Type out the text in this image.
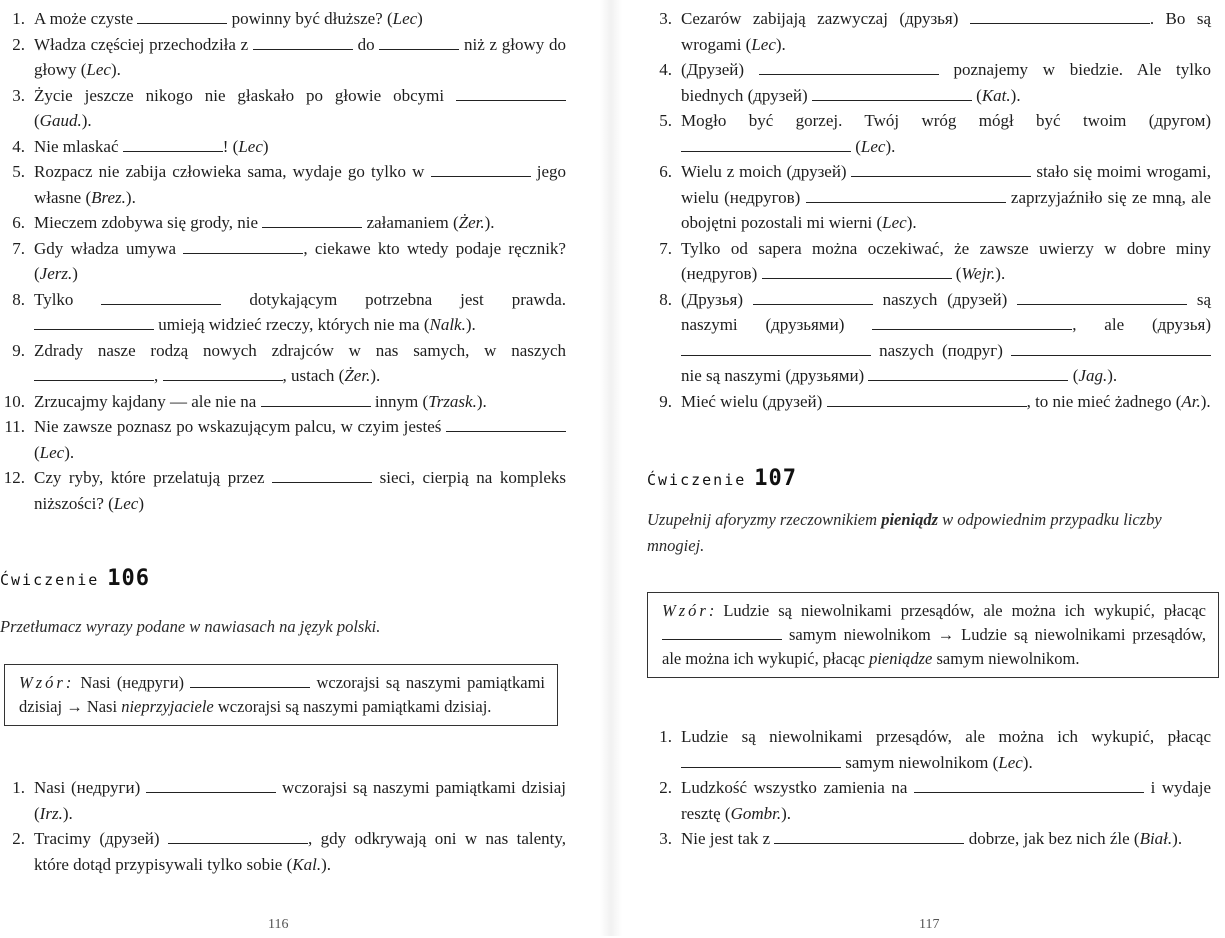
1. A może czyste	powinny być dłuższe? (Lec)
2. Władza częściej przechodziła z	do	niż z głowy do głowy (Lec).
3. Życie jeszcze nikogo nie głaskało po głowie obcymi  (Gaud.).
4. Nie mlaskać	! (Lec)
5. Rozpacz nie zabija człowieka sama, wydaje go tylko w	jego własne (Brez.).
6. Mieczem zdobywa się grody, nie	załamaniem (Żer.).
7. Gdy władza umywa	, ciekawe kto wtedy podaje ręcznik? (Jerz.)
8. Tylko	dotykającym potrzebna jest prawda.  umieją widzieć rzeczy, których nie ma (Nalk.).
9. Zdrady nasze rodzą nowych zdrajców w nas samych, w naszych ,	, ustach (Żer.).
10. Zrzucajmy kajdany — ale nie na	innym (Trzask.).
11. Nie zawsze poznasz po wskazującym palcu, w czyim jesteś  (Lec).
12. Czy ryby, które przelatują przez	sieci, cierpią na kompleks niższości? (Lec)
Ćwiczenie 106
Przetłumacz wyrazy podane w nawiasach na język polski.
Wzór: Nasi (недруги)	wczorajsi są naszymi pamiątkami dzisiaj → Nasi nieprzyjaciele wczorajsi są naszymi pamiątkami dzisiaj.
1. Nasi (недруги)	wczorajsi są naszymi pamiątkami dzisiaj (Irz.).
2. Tracimy (друзей)	, gdy odkrywają oni w nas talenty, które dotąd przypisywali tylko sobie (Kal.).
116
3. Cezarów zabijają zazwyczaj (друзья)	. Bo są wrogami (Lec).
4. (Друзей)	poznajemy w biedzie. Ale tylko biednych (друзей)	(Kat.).
5. Mogło być gorzej. Twój wróg mógł być twoim (другом)  (Lec).
6. Wielu z moich (друзей)	stało się moimi wrogami, wielu (недругов)	zaprzyjaźniło się ze mną, ale obojętni pozostali mi wierni (Lec).
7. Tylko od sapera można oczekiwać, że zawsze uwierzy w dobre miny (недругов)	(Wejr.).
8. (Друзья)	naszych (друзей)	są naszymi (друзьями)	, ale (друзья)  naszych (подруг)  nie są naszymi (друзьями)	(Jag.).
9. Mieć wielu (друзей)	, to nie mieć żadnego (Ar.).
Ćwiczenie 107
Uzupełnij aforyzmy rzeczownikiem pieniądz w odpowiednim przypadku liczby mnogiej.
Wzór: Ludzie są niewolnikami przesądów, ale można ich wykupić, płacąc  samym niewolnikom → Ludzie są niewolnikami przesądów, ale można ich wykupić, płacąc pieniądze samym niewolnikom.
1. Ludzie są niewolnikami przesądów, ale można ich wykupić, płacąc  samym niewolnikom (Lec).
2. Ludzkość wszystko zamienia na	i wydaje resztę (Gombr.).
3. Nie jest tak z	dobrze, jak bez nich źle (Biał.).
117
